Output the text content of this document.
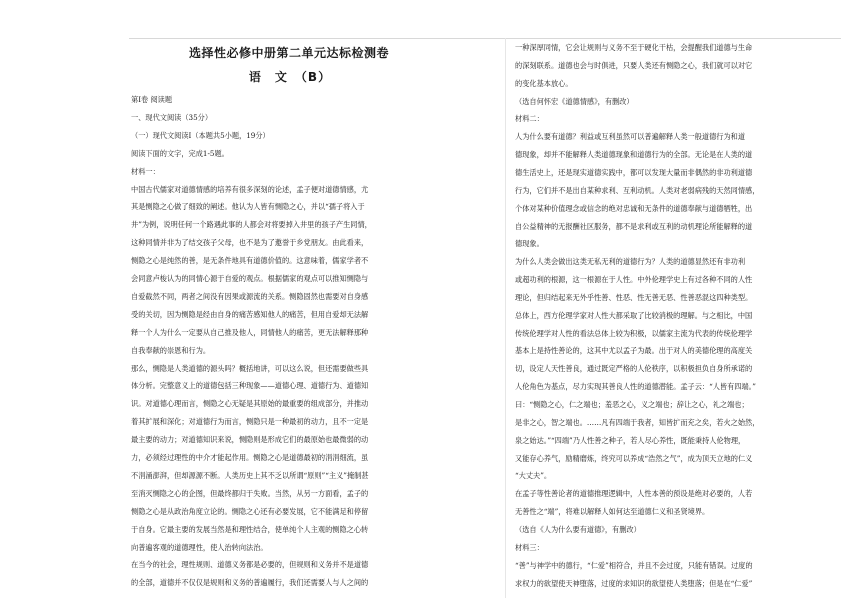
选择性必修中册第二单元达标检测卷
语　文　（B）
第Ⅰ卷 阅读题
一、现代文阅读（35分）
（一）现代文阅读Ⅰ（本题共5小题，19分）
阅读下面的文字，完成1-5题。
材料一：
中国古代儒家对道德情感的培养有很多深刻的论述，孟子便对道德情感，尤
其是恻隐之心做了细致的阐述。他认为人皆有恻隐之心，并以“孺子将入于
井”为例，说明任何一个路遇此事的人都会对将要掉入井里的孩子产生同情，
这种同情并非为了结交孩子父母，也不是为了邀誉于乡党朋友。由此看来，
恻隐之心是纯然的善，是无条件地具有道德价值的。这意味着，儒家学者不
会同意卢梭认为的同情心源于自爱的观点。根据儒家的观点可以推知恻隐与
自爱截然不同，两者之间没有因果或源流的关系。恻隐固然也需要对自身感
受的关切，因为恻隐是经由自身的痛苦感知他人的痛苦，但用自爱却无法解
释一个人为什么一定要从自己推及他人，同情他人的痛苦，更无法解释那种
自我奉献的崇恩和行为。
那么，恻隐是人类道德的源头吗？概括地讲，可以这么说，但还需要做些具
体分析。完整意义上的道德包括三种现象——道德心理、道德行为、道德知
识。对道德心理而言，恻隐之心无疑是其原始的最重要的组成部分，并推动
着其扩展和深化；对道德行为而言，恻隐只是一种最初的动力，且不一定是
最主要的动力；对道德知识来说，恻隐则是形成它们的最原始也最微弱的动
力，必须经过理性的中介才能起作用。恻隐之心是道德最初的涓涓细流，虽
不涓涌澎湃，但却源源不断。人类历史上其不乏以所谓“原则”“主义”掩制甚
至消灭恻隐之心的企图，但最终都归于失败。当然，从另一方面看，孟子的
恻隐之心是从政治角度立论的。恻隐之心还有必要发展，它不能满足和停留
于自身。它最主要的发展当然是和理性结合，使单纯个人主观的恻隐之心转
向普遍客观的道德理性，使人治转向法治。
在当今的社会，理性规则、道德义务都是必要的，但规则和义务并不是道德
的全部，道德并不仅仅是规则和义务的普遍履行，我们还需要人与人之间的
一种深厚同情，它会让规则与义务不至于硬化干枯，会提醒我们道德与生命
的深刻联系。道德也会与时俱进，只要人类还有恻隐之心，我们就可以对它
的变化基本放心。
（选自何怀宏《道德情感》，有删改）
材料二：
人为什么要有道德？利益或互利虽然可以普遍解释人类一般道德行为和道
德现象，却并不能解释人类道德现象和道德行为的全部。无论是在人类的道
德生活史上，还是现实道德实践中，都可以发现大量而非偶然的非功利道德
行为，它们并不是出自某种求利、互利动机。人类对老弱病残的天然同情感，
个体对某种价值理念或信念的绝对忠诚和无条件的道德奉献与道德牺牲，出
自公益精神的无报酬社区服务，都不是求利或互利的动机理论所能解释的道
德现象。
为什么人类会做出这类无私无利的道德行为？人类的道德显然还有非功利
或超功利的根源，这一根源在于人性。中外伦理学史上有过各种不同的人性
理论，但归结起来无外乎性善、性恶、性无善无恶、性善恶混这四种类型。
总体上，西方伦理学家对人性大都采取了比较消极的理解。与之相比，中国
传统伦理学对人性的看法总体上较为积极，以儒家主流为代表的传统伦理学
基本上是持性善论的，这其中尤以孟子为最。出于对人的美德伦理的高度关
切，设定人天性善良，通过既定严格的人伦秩序，以积极担负自身所承诺的
人伦角色为基点，尽力实现其善良人性的道德潜能。孟子云：“人皆有四端。”
曰：“恻隐之心，仁之端也；羞恶之心，义之端也；辞让之心，礼之端也；
是非之心，智之端也。……凡有四端于我者，知皆扩而充之矣，若火之始然，
泉之始达。”“四端”乃人性善之种子，若人尽心养性，既能秉持人伦物理，
又能存心养气，励精磨炼，终究可以养成“浩然之气”，成为顶天立地的仁义
“大丈夫”。
在孟子等性善论者的道德推理逻辑中，人性本善的预设是绝对必要的，人若
无善性之“端”，将难以解释人如何达至道德仁义和圣贤境界。
（选自《人为什么要有道德》，有删改）
材料三：
“善”与神学中的德行，“仁爱”相符合，并且不会过度，只能有错误。过度的
求权力的欲望使天神堕落，过度的求知识的欲望使人类堕落；但是在“仁爱”
